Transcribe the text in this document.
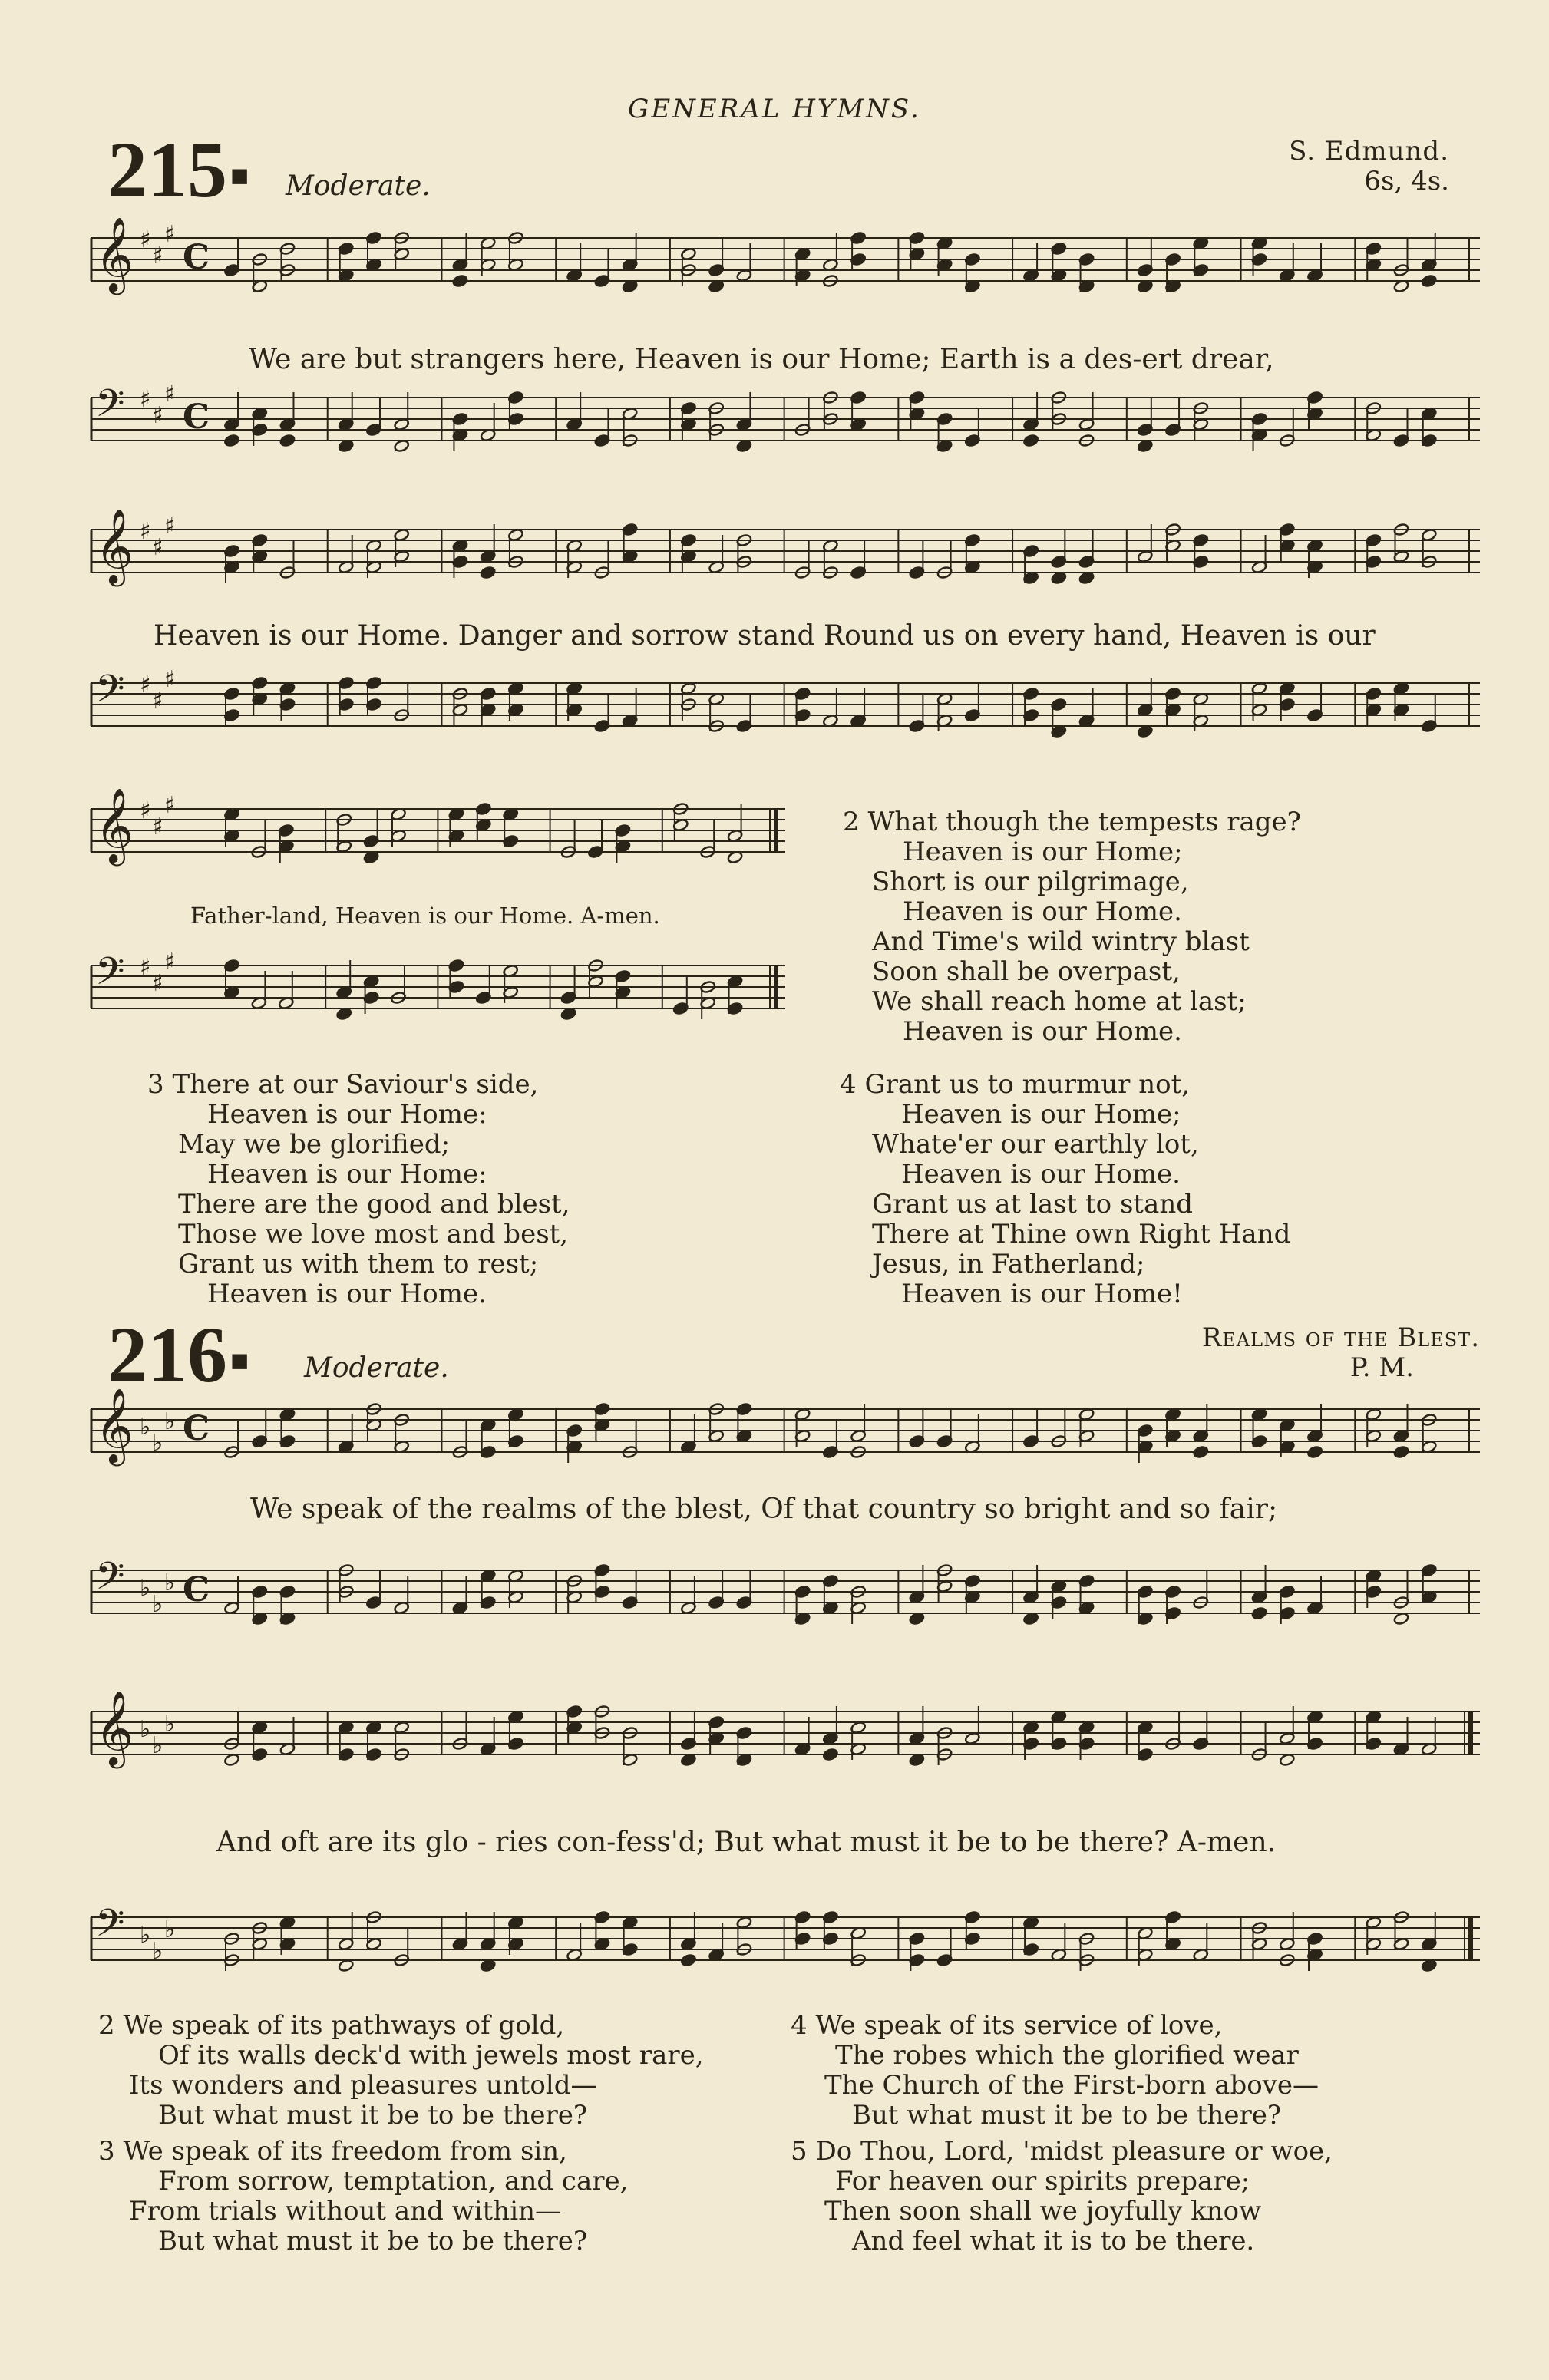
GENERAL HYMNS.
215 ■ Moderate.
S. Edmund.
6s, 4s.
𝄞 ♯
♯
♯
C
We are but strangers here, Heaven is our Home; Earth is a des-ert drear,
𝄢 ♯
♯
♯
C
𝄞 ♯
♯
♯
Heaven is our Home. Danger and sorrow stand Round us on every hand, Heaven is our
𝄢 ♯
♯
♯
𝄞 ♯
♯
♯
Father-land, Heaven is our Home. A-men.
𝄢 ♯
♯
♯
2 What though the tempests rage?
Heaven is our Home;
Short is our pilgrimage,
Heaven is our Home.
And Time's wild wintry blast
Soon shall be overpast,
We shall reach home at last;
Heaven is our Home.
3 There at our Saviour's side,
Heaven is our Home:
May we be glorified;
Heaven is our Home:
There are the good and blest,
Those we love most and best,
Grant us with them to rest;
Heaven is our Home.
4 Grant us to murmur not,
Heaven is our Home;
Whate'er our earthly lot,
Heaven is our Home.
Grant us at last to stand
There at Thine own Right Hand
Jesus, in Fatherland;
Heaven is our Home!
216 ■ Moderate.
Realms of the Blest.
P. M.
𝄞 ♭
♭
♭ C
We speak of the realms of the blest, Of that country so bright and so fair;
𝄢 ♭
♭
♭ C
𝄞 ♭
♭
♭
And oft are its glo - ries con-fess'd; But what must it be to be there? A-men.
𝄢 ♭
♭
♭
2 We speak of its pathways of gold,
Of its walls deck'd with jewels most rare,
Its wonders and pleasures untold—
But what must it be to be there?
3 We speak of its freedom from sin,
From sorrow, temptation, and care,
From trials without and within—
But what must it be to be there?
4 We speak of its service of love,
The robes which the glorified wear
The Church of the First-born above—
But what must it be to be there?
5 Do Thou, Lord, 'midst pleasure or woe,
For heaven our spirits prepare;
Then soon shall we joyfully know
And feel what it is to be there.
